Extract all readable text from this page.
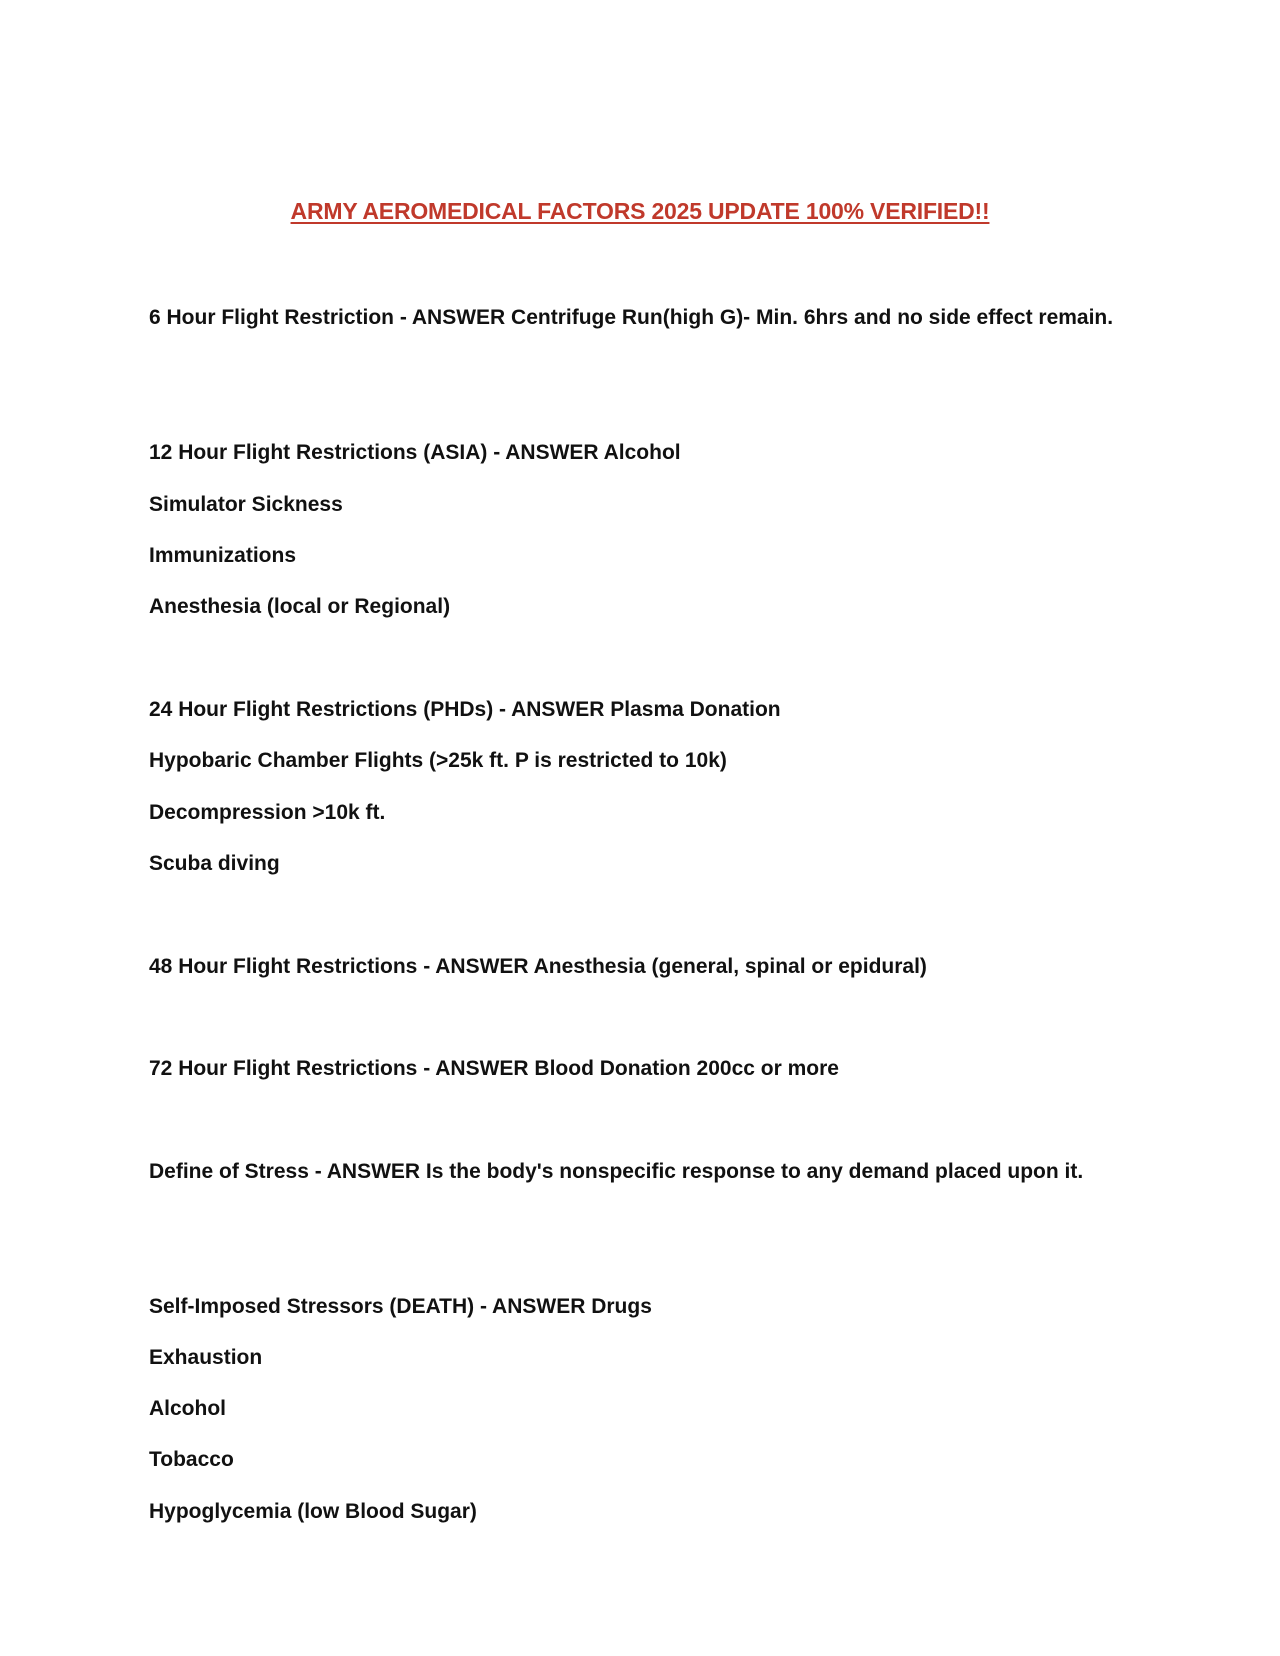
ARMY AEROMEDICAL FACTORS 2025 UPDATE 100% VERIFIED!!

6 Hour Flight Restriction - ANSWER Centrifuge Run(high G)- Min. 6hrs and no side effect remain.

12 Hour Flight Restrictions (ASIA) - ANSWER Alcohol

Simulator Sickness

Immunizations

Anesthesia (local or Regional)

24 Hour Flight Restrictions (PHDs) - ANSWER Plasma Donation

Hypobaric Chamber Flights (>25k ft. P is restricted to 10k)

Decompression >10k ft.

Scuba diving

48 Hour Flight Restrictions - ANSWER Anesthesia (general, spinal or epidural)

72 Hour Flight Restrictions - ANSWER Blood Donation 200cc or more

Define of Stress - ANSWER Is the body's nonspecific response to any demand placed upon it.

Self-Imposed Stressors (DEATH) - ANSWER Drugs

Exhaustion

Alcohol

Tobacco

Hypoglycemia (low Blood Sugar)
